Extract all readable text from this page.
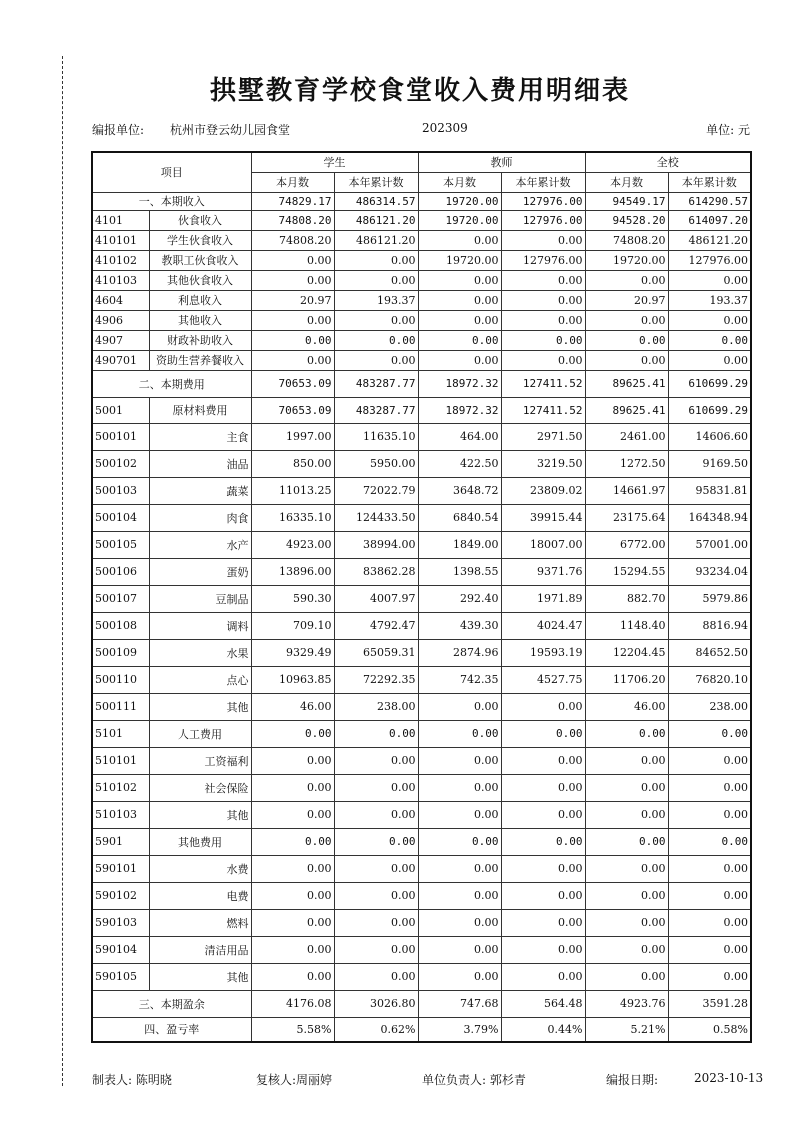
拱墅教育学校食堂收入费用明细表
编报单位: 杭州市登云幼儿园食堂	202309	单位: 元
项目		学生		教师		全校	
		本月数	本年累计数	本月数	本年累计数	本月数	本年累计数
一、本期收入		74829.17	486314.57	19720.00	127976.00	94549.17	614290.57
4101	伙食收入	74808.20	486121.20	19720.00	127976.00	94528.20	614097.20
410101	学生伙食收入	74808.20	486121.20	0.00	0.00	74808.20	486121.20
410102	教职工伙食收入	0.00	0.00	19720.00	127976.00	19720.00	127976.00
410103	其他伙食收入	0.00	0.00	0.00	0.00	0.00	0.00
4604	利息收入	20.97	193.37	0.00	0.00	20.97	193.37
4906	其他收入	0.00	0.00	0.00	0.00	0.00	0.00
4907	财政补助收入	0.00	0.00	0.00	0.00	0.00	0.00
490701	资助生营养餐收入	0.00	0.00	0.00	0.00	0.00	0.00
二、本期费用		70653.09	483287.77	18972.32	127411.52	89625.41	610699.29
5001	原材料费用	70653.09	483287.77	18972.32	127411.52	89625.41	610699.29
500101	主食	1997.00	11635.10	464.00	2971.50	2461.00	14606.60
500102	油品	850.00	5950.00	422.50	3219.50	1272.50	9169.50
500103	蔬菜	11013.25	72022.79	3648.72	23809.02	14661.97	95831.81
500104	肉食	16335.10	124433.50	6840.54	39915.44	23175.64	164348.94
500105	水产	4923.00	38994.00	1849.00	18007.00	6772.00	57001.00
500106	蛋奶	13896.00	83862.28	1398.55	9371.76	15294.55	93234.04
500107	豆制品	590.30	4007.97	292.40	1971.89	882.70	5979.86
500108	调料	709.10	4792.47	439.30	4024.47	1148.40	8816.94
500109	水果	9329.49	65059.31	2874.96	19593.19	12204.45	84652.50
500110	点心	10963.85	72292.35	742.35	4527.75	11706.20	76820.10
500111	其他	46.00	238.00	0.00	0.00	46.00	238.00
5101	人工费用	0.00	0.00	0.00	0.00	0.00	0.00
510101	工资福利	0.00	0.00	0.00	0.00	0.00	0.00
510102	社会保险	0.00	0.00	0.00	0.00	0.00	0.00
510103	其他	0.00	0.00	0.00	0.00	0.00	0.00
5901	其他费用	0.00	0.00	0.00	0.00	0.00	0.00
590101	水费	0.00	0.00	0.00	0.00	0.00	0.00
590102	电费	0.00	0.00	0.00	0.00	0.00	0.00
590103	燃料	0.00	0.00	0.00	0.00	0.00	0.00
590104	清洁用品	0.00	0.00	0.00	0.00	0.00	0.00
590105	其他	0.00	0.00	0.00	0.00	0.00	0.00
三、本期盈余		4176.08	3026.80	747.68	564.48	4923.76	3591.28
四、盈亏率		5.58%	0.62%	3.79%	0.44%	5.21%	0.58%
制表人: 陈明晓	复核人:周丽婷	单位负责人: 郭杉青	编报日期:	2023-10-13
